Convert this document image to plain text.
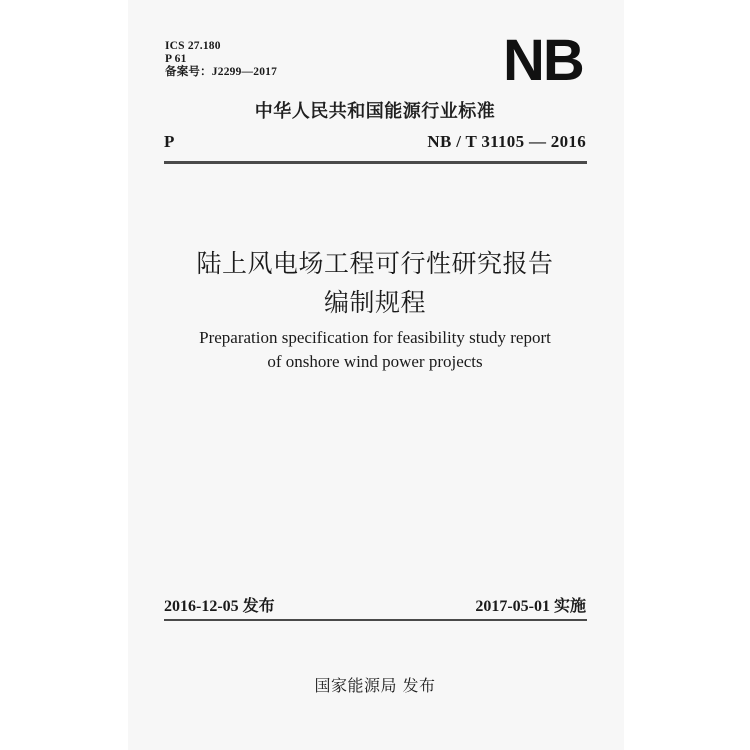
ICS 27.180
P 61
备案号：J2299—2017	NB
中华人民共和国能源行业标准
P	NB / T 31105 — 2016
陆上风电场工程可行性研究报告
编制规程
Preparation specification for feasibility study report
of onshore wind power projects
2016-12-05 发布	2017-05-01 实施
国家能源局 发布
